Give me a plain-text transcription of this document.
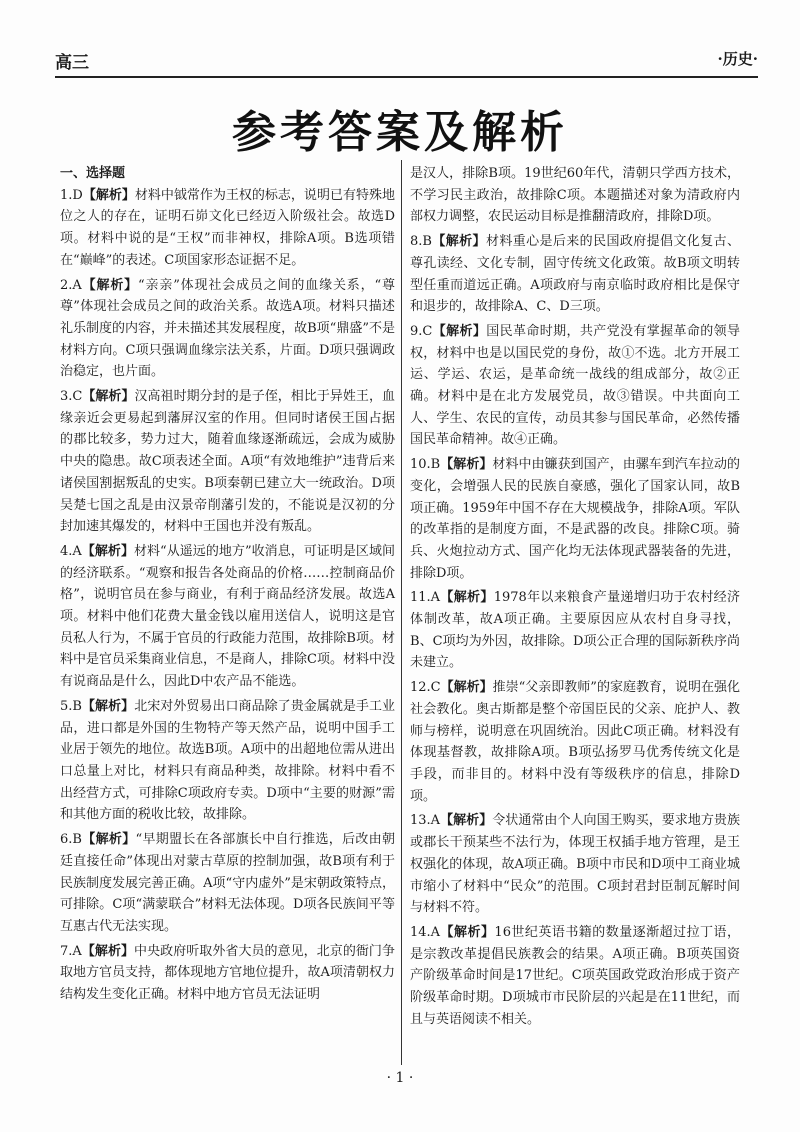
高三	·历史·
参考答案及解析
一、选择题
1.D【解析】材料中钺常作为王权的标志，说明已有特殊地位之人的存在，证明石峁文化已经迈入阶级社会。故选D项。材料中说的是“王权”而非神权，排除A项。B选项错在“巅峰”的表述。C项国家形态证据不足。
2.A【解析】“亲亲”体现社会成员之间的血缘关系，“尊尊”体现社会成员之间的政治关系。故选A项。材料只描述礼乐制度的内容，并未描述其发展程度，故B项“鼎盛”不是材料方向。C项只强调血缘宗法关系，片面。D项只强调政治稳定，也片面。
3.C【解析】汉高祖时期分封的是子侄，相比于异姓王，血缘亲近会更易起到藩屏汉室的作用。但同时诸侯王国占据的郡比较多，势力过大，随着血缘逐渐疏远，会成为威胁中央的隐患。故C项表述全面。A项“有效地维护”违背后来诸侯国割据叛乱的史实。B项秦朝已建立大一统政治。D项吴楚七国之乱是由汉景帝削藩引发的，不能说是汉初的分封加速其爆发的，材料中王国也并没有叛乱。
4.A【解析】材料“从遥远的地方”收消息，可证明是区域间的经济联系。“观察和报告各处商品的价格……控制商品价格”，说明官员在参与商业，有利于商品经济发展。故选A项。材料中他们花费大量金钱以雇用送信人，说明这是官员私人行为，不属于官员的行政能力范围，故排除B项。材料中是官员采集商业信息，不是商人，排除C项。材料中没有说商品是什么，因此D中农产品不能选。
5.B【解析】北宋对外贸易出口商品除了贵金属就是手工业品，进口都是外国的生物特产等天然产品，说明中国手工业居于领先的地位。故选B项。A项中的出超地位需从进出口总量上对比，材料只有商品种类，故排除。材料中看不出经营方式，可排除C项政府专卖。D项中“主要的财源”需和其他方面的税收比较，故排除。
6.B【解析】“早期盟长在各部旗长中自行推选，后改由朝廷直接任命”体现出对蒙古草原的控制加强，故B项有利于民族制度发展完善正确。A项“守内虚外”是宋朝政策特点，可排除。C项“满蒙联合”材料无法体现。D项各民族间平等互惠古代无法实现。
7.A【解析】中央政府听取外省大员的意见，北京的衙门争取地方官员支持，都体现地方官地位提升，故A项清朝权力结构发生变化正确。材料中地方官员无法证明
是汉人，排除B项。19世纪60年代，清朝只学西方技术，不学习民主政治，故排除C项。本题描述对象为清政府内部权力调整，农民运动目标是推翻清政府，排除D项。
8.B【解析】材料重心是后来的民国政府提倡文化复古、尊孔读经、文化专制，固守传统文化政策。故B项文明转型任重而道远正确。A项政府与南京临时政府相比是保守和退步的，故排除A、C、D三项。
9.C【解析】国民革命时期，共产党没有掌握革命的领导权，材料中也是以国民党的身份，故①不选。北方开展工运、学运、农运，是革命统一战线的组成部分，故②正确。材料中是在北方发展党员，故③错误。中共面向工人、学生、农民的宣传，动员其参与国民革命，必然传播国民革命精神。故④正确。
10.B【解析】材料中由镰获到国产，由骡车到汽车拉动的变化，会增强人民的民族自豪感，强化了国家认同，故B项正确。1959年中国不存在大规模战争，排除A项。军队的改革指的是制度方面，不是武器的改良。排除C项。骑兵、火炮拉动方式、国产化均无法体现武器装备的先进，排除D项。
11.A【解析】1978年以来粮食产量递增归功于农村经济体制改革，故A项正确。主要原因应从农村自身寻找，B、C项均为外因，故排除。D项公正合理的国际新秩序尚未建立。
12.C【解析】推崇“父亲即教师”的家庭教育，说明在强化社会教化。奥古斯都是整个帝国臣民的父亲、庇护人、教师与榜样，说明意在巩固统治。因此C项正确。材料没有体现基督教，故排除A项。B项弘扬罗马优秀传统文化是手段，而非目的。材料中没有等级秩序的信息，排除D项。
13.A【解析】令状通常由个人向国王购买，要求地方贵族或郡长干预某些不法行为，体现王权插手地方管理，是王权强化的体现，故A项正确。B项中市民和D项中工商业城市缩小了材料中“民众”的范围。C项封君封臣制瓦解时间与材料不符。
14.A【解析】16世纪英语书籍的数量逐渐超过拉丁语，是宗教改革提倡民族教会的结果。A项正确。B项英国资产阶级革命时间是17世纪。C项英国政党政治形成于资产阶级革命时期。D项城市市民阶层的兴起是在11世纪，而且与英语阅读不相关。
· 1 ·
